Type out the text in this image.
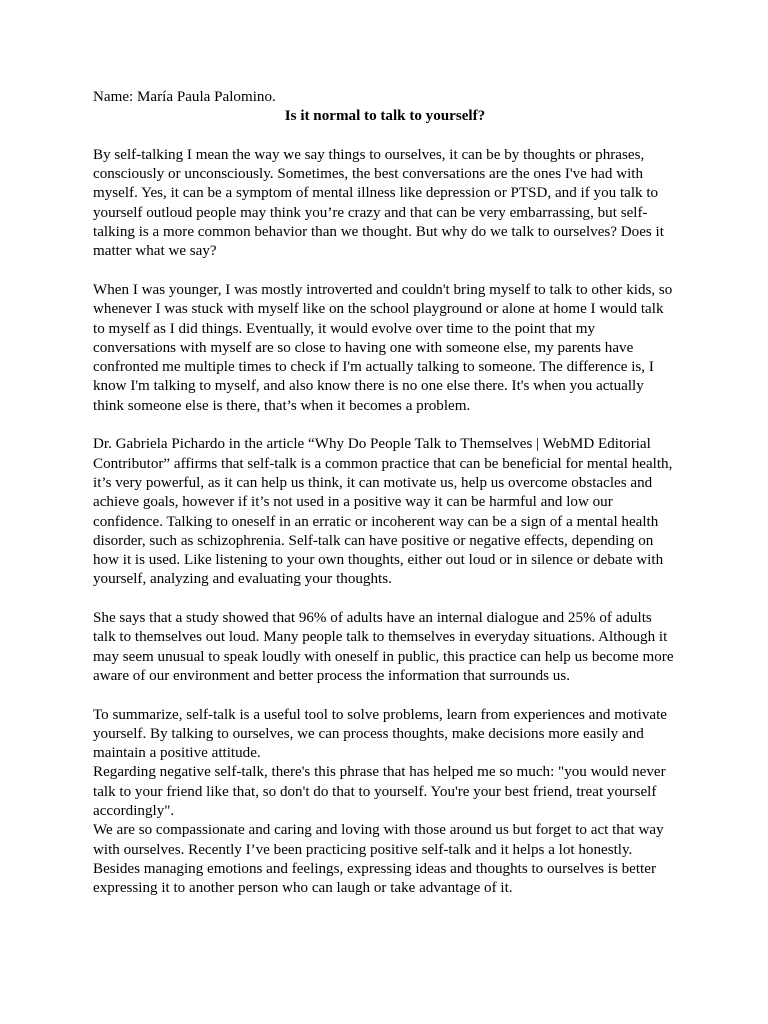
Name: María Paula Palomino.

Is it normal to talk to yourself?

By self-talking I mean the way we say things to ourselves, it can be by thoughts or phrases, consciously or unconsciously. Sometimes, the best conversations are the ones I've had with myself. Yes, it can be a symptom of mental illness like depression or PTSD, and if you talk to yourself outloud people may think you’re crazy and that can be very embarrassing, but self-talking is a more common behavior than we thought. But why do we talk to ourselves? Does it matter what we say?

When I was younger, I was mostly introverted and couldn't bring myself to talk to other kids, so whenever I was stuck with myself like on the school playground or alone at home I would talk to myself as I did things. Eventually, it would evolve over time to the point that my conversations with myself are so close to having one with someone else, my parents have confronted me multiple times to check if I'm actually talking to someone. The difference is, I know I'm talking to myself, and also know there is no one else there. It's when you actually think someone else is there, that’s when it becomes a problem.

Dr. Gabriela Pichardo in the article “Why Do People Talk to Themselves | WebMD Editorial Contributor” affirms that self-talk is a common practice that can be beneficial for mental health, it’s very powerful, as it can help us think, it can motivate us, help us overcome obstacles and achieve goals, however if it’s not used in a positive way it can be harmful and low our confidence. Talking to oneself in an erratic or incoherent way can be a sign of a mental health disorder, such as schizophrenia. Self-talk can have positive or negative effects, depending on how it is used. Like listening to your own thoughts, either out loud or in silence or debate with yourself, analyzing and evaluating your thoughts.

She says that a study showed that 96% of adults have an internal dialogue and 25% of adults talk to themselves out loud. Many people talk to themselves in everyday situations. Although it may seem unusual to speak loudly with oneself in public, this practice can help us become more aware of our environment and better process the information that surrounds us.

To summarize, self-talk is a useful tool to solve problems, learn from experiences and motivate yourself. By talking to ourselves, we can process thoughts, make decisions more easily and maintain a positive attitude.

Regarding negative self-talk, there's this phrase that has helped me so much: "you would never talk to your friend like that, so don't do that to yourself. You're your best friend, treat yourself accordingly".

We are so compassionate and caring and loving with those around us but forget to act that way with ourselves. Recently I’ve been practicing positive self-talk and it helps a lot honestly. Besides managing emotions and feelings, expressing ideas and thoughts to ourselves is better expressing it to another person who can laugh or take advantage of it.
